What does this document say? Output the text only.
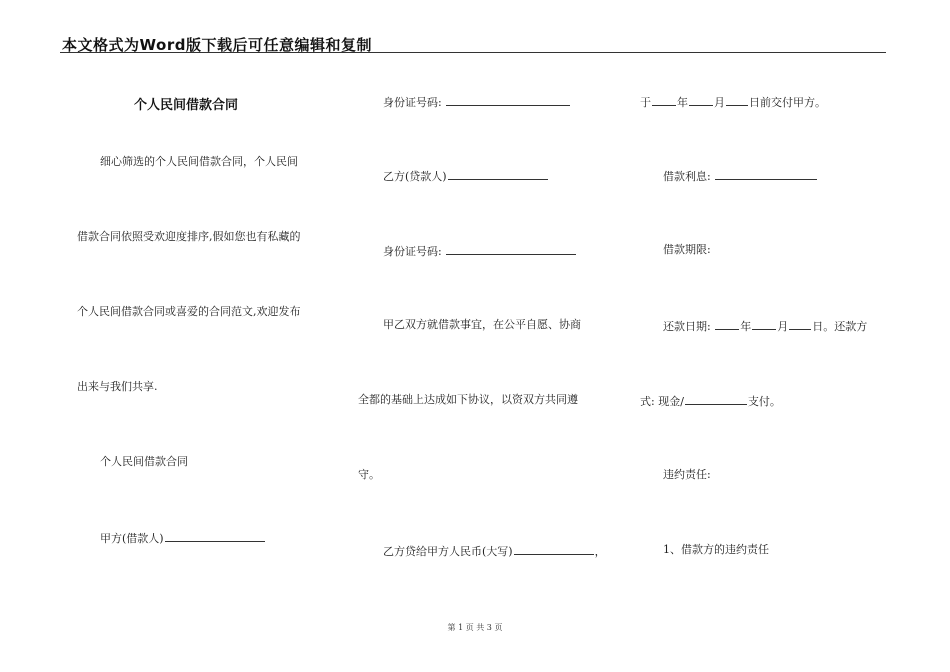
本文格式为Word版下载后可任意编辑和复制
个人民间借款合同
细心筛选的个人民间借款合同，个人民间
借款合同依照受欢迎度排序,假如您也有私藏的
个人民间借款合同或喜爱的合同范文,欢迎发布
出来与我们共享.
个人民间借款合同
甲方(借款人)
身份证号码:
乙方(贷款人)
身份证号码:
甲乙双方就借款事宜，在公平自愿、协商
全都的基础上达成如下协议，以资双方共同遵
守。
乙方贷给甲方人民币(大写)	，
于 年 月 日前交付甲方。
借款利息:
借款期限:
还款日期:	年 月 日。还款方
式: 现金/	支付。
违约责任:
1、借款方的违约责任
第 1 页 共 3 页
